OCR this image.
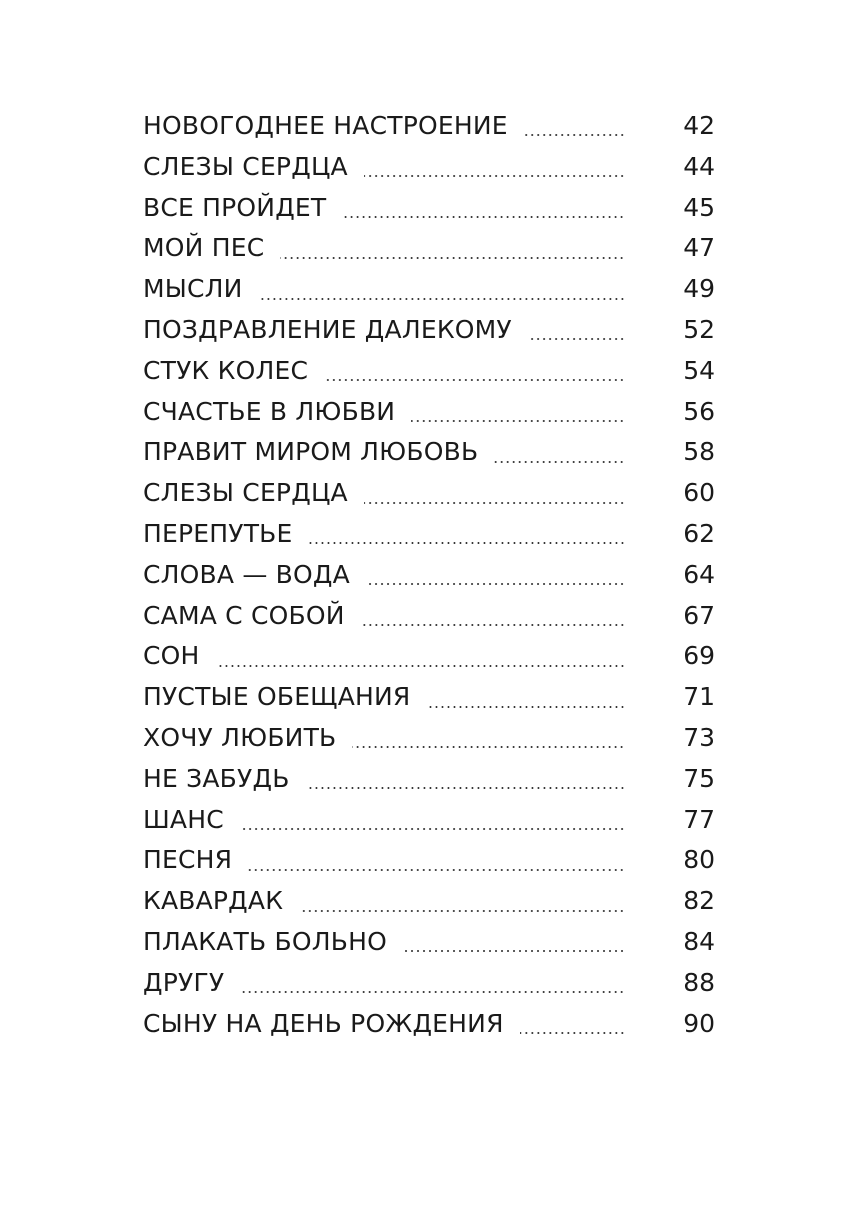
НОВОГОДНЕЕ НАСТРОЕНИЕ	42
СЛЕЗЫ СЕРДЦА	44
ВСЕ ПРОЙДЕТ	45
МОЙ ПЕС	47
МЫСЛИ	49
ПОЗДРАВЛЕНИЕ ДАЛЕКОМУ	52
СТУК КОЛЕС	54
СЧАСТЬЕ В ЛЮБВИ	56
ПРАВИТ МИРОМ ЛЮБОВЬ	58
СЛЕЗЫ СЕРДЦА	60
ПЕРЕПУТЬЕ	62
СЛОВА — ВОДА	64
САМА С СОБОЙ	67
СОН	69
ПУСТЫЕ ОБЕЩАНИЯ	71
ХОЧУ ЛЮБИТЬ	73
НЕ ЗАБУДЬ	75
ШАНС	77
ПЕСНЯ	80
КАВАРДАК	82
ПЛАКАТЬ БОЛЬНО	84
ДРУГУ	88
СЫНУ НА ДЕНЬ РОЖДЕНИЯ	90
